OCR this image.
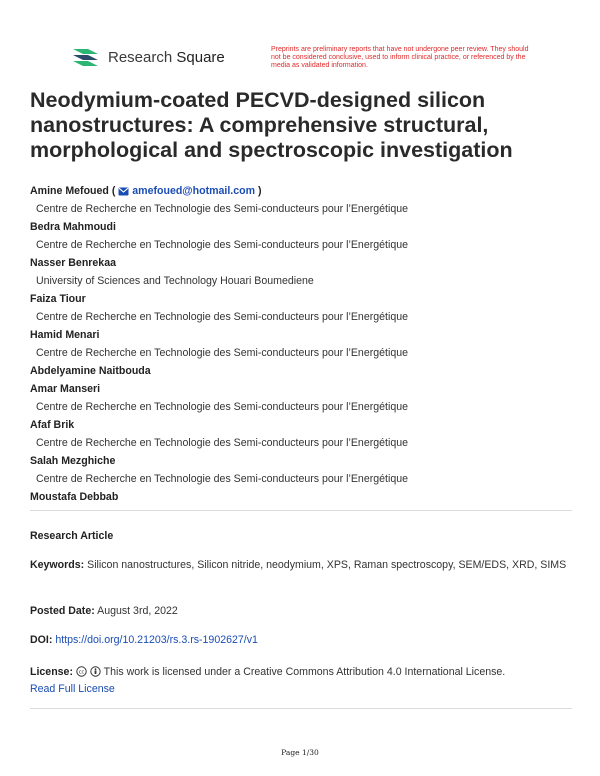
Research Square	Preprints are preliminary reports that have not undergone peer review. They should not be considered conclusive, used to inform clinical practice, or referenced by the media as validated information.
Neodymium-coated PECVD-designed silicon nanostructures: A comprehensive structural, morphological and spectroscopic investigation
Amine Mefoued (  amefoued@hotmail.com )
Centre de Recherche en Technologie des Semi-conducteurs pour l’Energétique
Bedra Mahmoudi
Centre de Recherche en Technologie des Semi-conducteurs pour l’Energétique
Nasser Benrekaa
University of Sciences and Technology Houari Boumediene
Faiza Tiour
Centre de Recherche en Technologie des Semi-conducteurs pour l’Energétique
Hamid Menari
Centre de Recherche en Technologie des Semi-conducteurs pour l’Energétique
Abdelyamine Naitbouda
Amar Manseri
Centre de Recherche en Technologie des Semi-conducteurs pour l’Energétique
Afaf Brik
Centre de Recherche en Technologie des Semi-conducteurs pour l’Energétique
Salah Mezghiche
Centre de Recherche en Technologie des Semi-conducteurs pour l’Energétique
Moustafa Debbab
Research Article
Keywords: Silicon nanostructures, Silicon nitride, neodymium, XPS, Raman spectroscopy, SEM/EDS, XRD, SIMS
Posted Date: August 3rd, 2022
DOI: https://doi.org/10.21203/rs.3.rs-1902627/v1
License: cc This work is licensed under a Creative Commons Attribution 4.0 International License.
Read Full License
Page 1/30
